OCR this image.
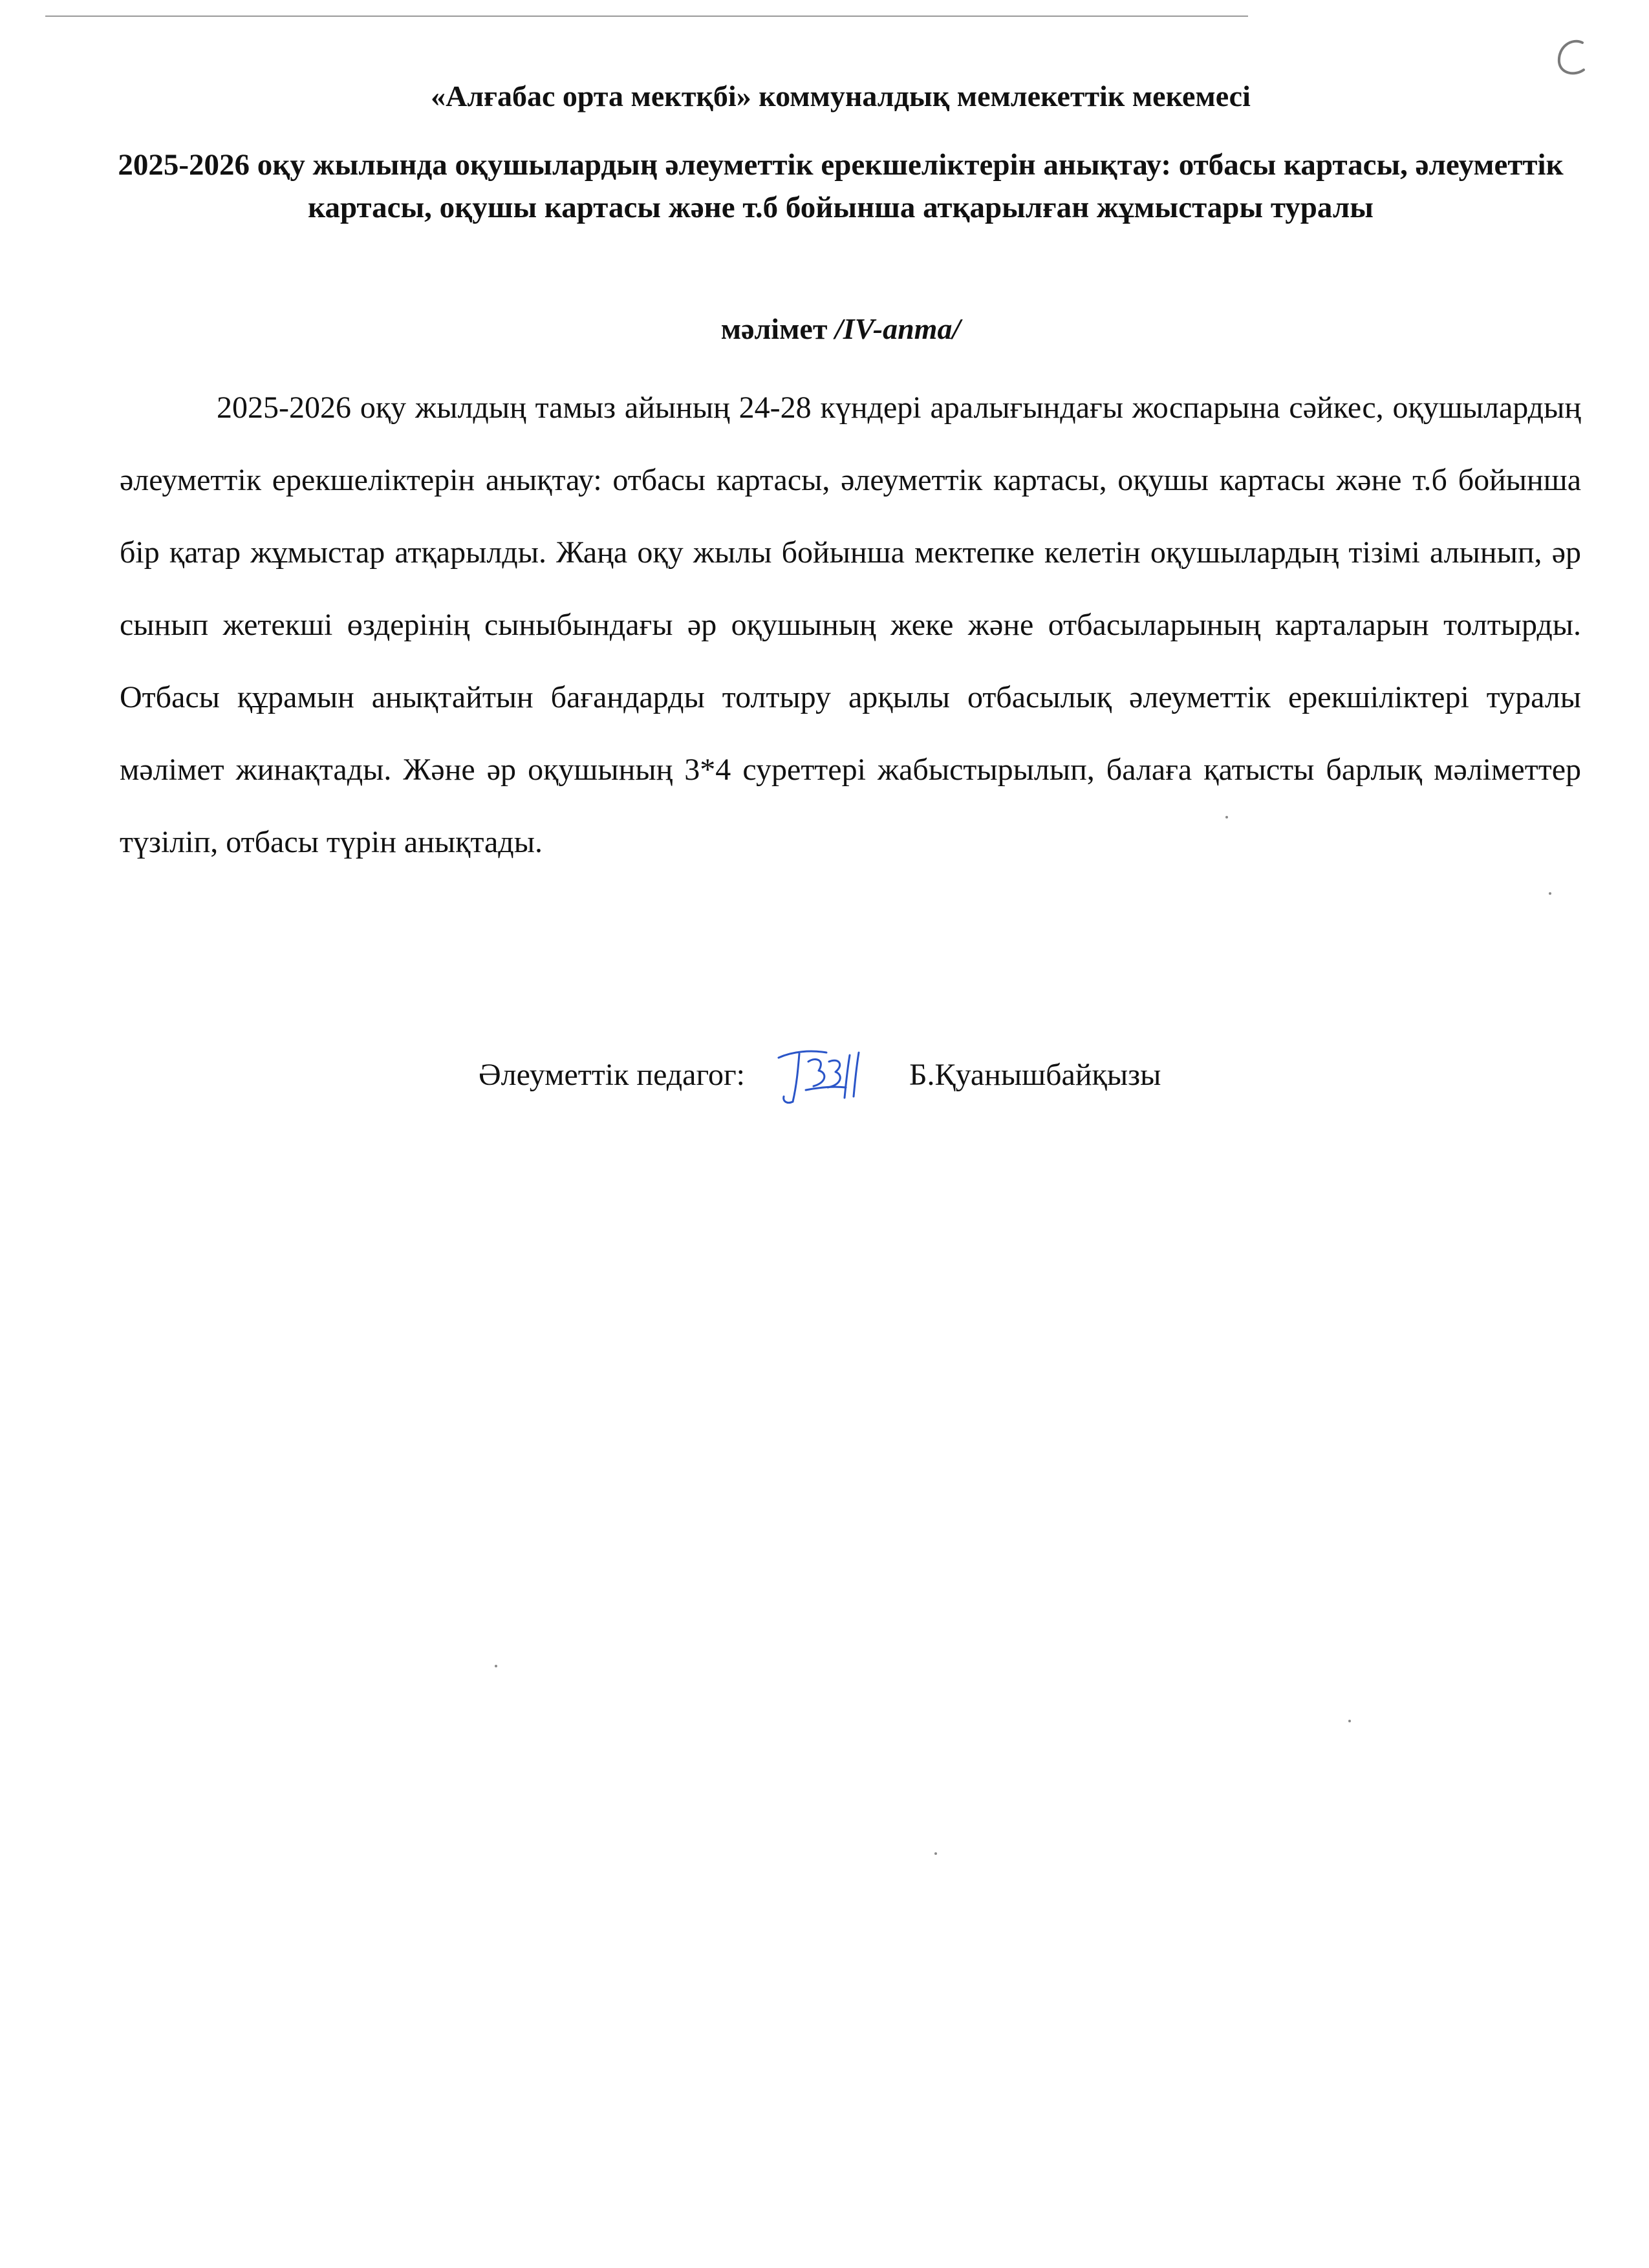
«Алғабас орта мектқбі» коммуналдық мемлекеттік мекемесі

2025-2026 оқу жылында оқушылардың әлеуметтік ерекшеліктерін анықтау: отбасы картасы, әлеуметтік картасы, оқушы картасы және т.б бойынша атқарылған жұмыстары туралы

мәлімет /IV-апта/

2025-2026 оқу жылдың тамыз айының 24-28 күндері аралығындағы жоспарына сәйкес, оқушылардың әлеуметтік ерекшеліктерін анықтау: отбасы картасы, әлеуметтік картасы, оқушы картасы және т.б бойынша бір қатар жұмыстар атқарылды. Жаңа оқу жылы бойынша мектепке келетін оқушылардың тізімі алынып, әр сынып жетекші өздерінің сыныбындағы әр оқушының жеке және отбасыларының карталарын толтырды. Отбасы құрамын анықтайтын бағандарды толтыру арқылы отбасылық әлеуметтік ерекшіліктері туралы мәлімет жинақтады. Және әр оқушының 3*4 суреттері жабыстырылып, балаға қатысты барлық мәліметтер түзіліп, отбасы түрін анықтады.

Әлеуметтік педагог:	Б.Қуанышбайқызы
